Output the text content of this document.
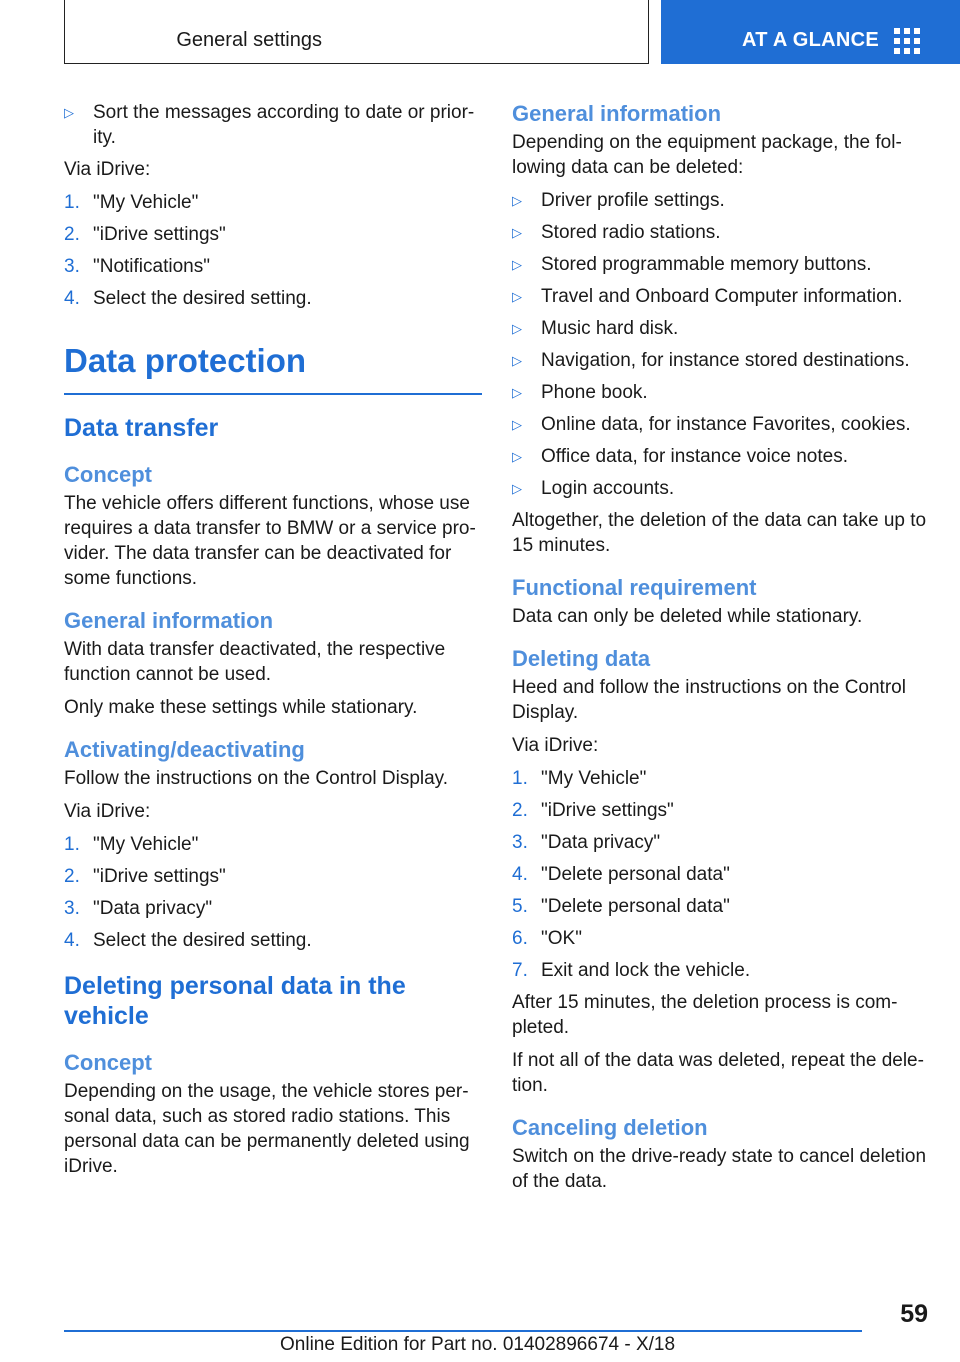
General settings	AT A GLANCE
▷ Sort the messages according to date or priority.

Via iDrive:

1. "My Vehicle"
2. "iDrive settings"
3. "Notifications"
4. Select the desired setting.
Data protection
Data transfer
Concept

The vehicle offers different functions, whose use requires a data transfer to BMW or a service provider. The data transfer can be deactivated for some functions.

General information

With data transfer deactivated, the respective function cannot be used.

Only make these settings while stationary.

Activating/deactivating

Follow the instructions on the Control Display.

Via iDrive:

1. "My Vehicle"
2. "iDrive settings"
3. "Data privacy"
4. Select the desired setting.
Deleting personal data in the vehicle
Concept

Depending on the usage, the vehicle stores personal data, such as stored radio stations. This personal data can be permanently deleted using iDrive.

General information

Depending on the equipment package, the following data can be deleted:

▷ Driver profile settings.
▷ Stored radio stations.
▷ Stored programmable memory buttons.
▷ Travel and Onboard Computer information.
▷ Music hard disk.
▷ Navigation, for instance stored destinations.
▷ Phone book.
▷ Online data, for instance Favorites, cookies.
▷ Office data, for instance voice notes.
▷ Login accounts.

Altogether, the deletion of the data can take up to 15 minutes.

Functional requirement

Data can only be deleted while stationary.

Deleting data

Heed and follow the instructions on the Control Display.

Via iDrive:

1. "My Vehicle"
2. "iDrive settings"
3. "Data privacy"
4. "Delete personal data"
5. "Delete personal data"
6. "OK"
7. Exit and lock the vehicle.

After 15 minutes, the deletion process is completed.

If not all of the data was deleted, repeat the deletion.

Canceling deletion

Switch on the drive-ready state to cancel deletion of the data.

59
Online Edition for Part no. 01402896674 - X/18
